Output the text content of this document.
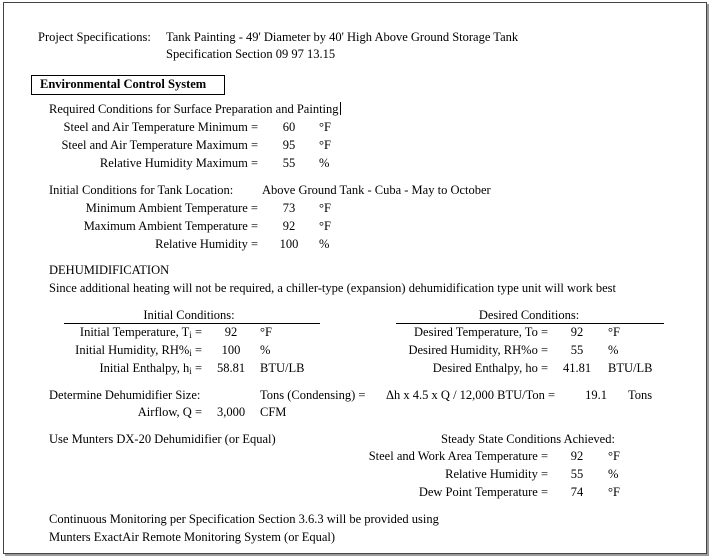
Project Specifications: Tank Painting - 49' Diameter by 40' High Above Ground Storage Tank
Specification Section 09 97 13.15
Environmental Control System
Required Conditions for Surface Preparation and Painting
Steel and Air Temperature Minimum =	60	°F
Steel and Air Temperature Maximum =	95	°F
Relative Humidity Maximum =	55	%
Initial Conditions for Tank Location: Above Ground Tank - Cuba - May to October
Minimum Ambient Temperature =	73	°F
Maximum Ambient Temperature =	92	°F
Relative Humidity =	100	%
DEHUMIDIFICATION
Since additional heating will not be required, a chiller-type (expansion) dehumidification type unit will work best
Initial Conditions:
Initial Temperature, $T_i$ =	92	°F
Initial Humidity, $RH\%_i$ =	100	%
Initial Enthalpy, $h_i = 58.81$ BTU/LB
Desired Conditions:
Desired Temperature, To =	92	°F
Desired Humidity, RH%o =	55	%
Desired Enthalpy, ho = 41.81 BTU/LB
Determine Dehumidifier Size:	Tons (Condensing) = Δh x 4.5 x Q / 12,000 BTU/Ton =	19.1	Tons
Airflow, Q =	3,000	CFM
Use Munters DX-20 Dehumidifier (or Equal)	Steady State Conditions Achieved:
Steel and Work Area Temperature =	92	°F
Relative Humidity =	55	%
Dew Point Temperature =	74	°F
Continuous Monitoring per Specification Section 3.6.3 will be provided using
Munters ExactAir Remote Monitoring System (or Equal)
